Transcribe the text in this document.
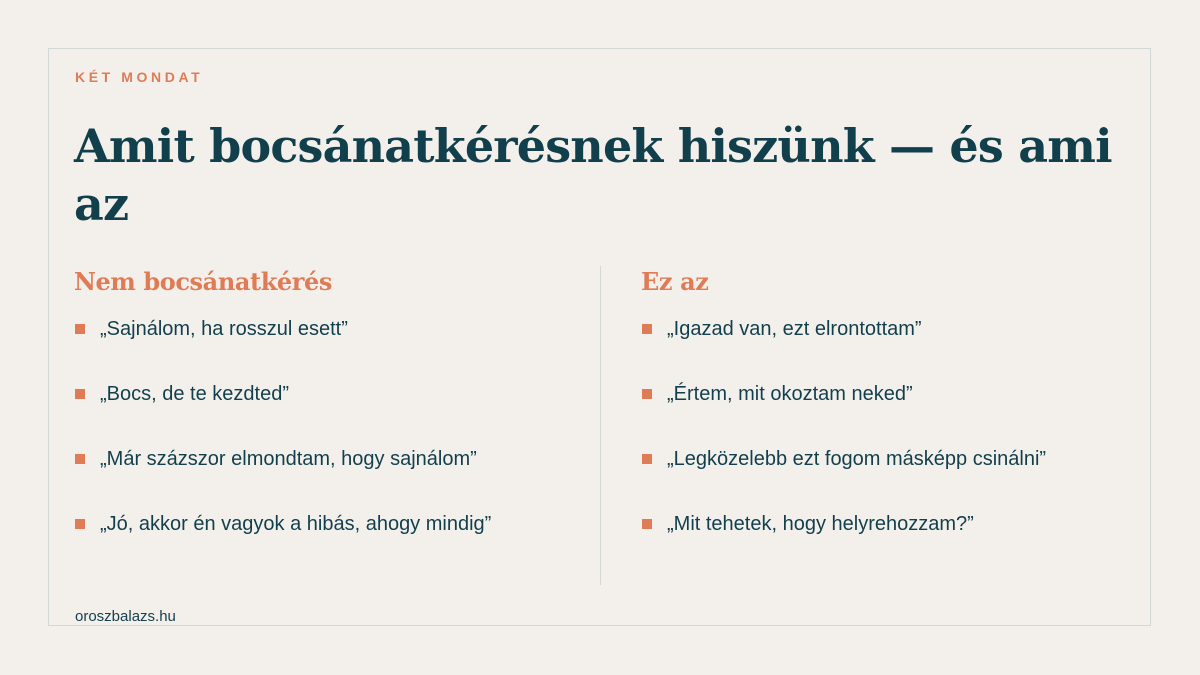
KÉT MONDAT
Amit bocsánatkérésnek hiszünk — és ami az
Nem bocsánatkérés
„Sajnálom, ha rosszul esett”
„Bocs, de te kezdted”
„Már százszor elmondtam, hogy sajnálom”
„Jó, akkor én vagyok a hibás, ahogy mindig”
Ez az
„Igazad van, ezt elrontottam”
„Értem, mit okoztam neked”
„Legközelebb ezt fogom másképp csinálni”
„Mit tehetek, hogy helyrehozzam?”
oroszbalazs.hu
